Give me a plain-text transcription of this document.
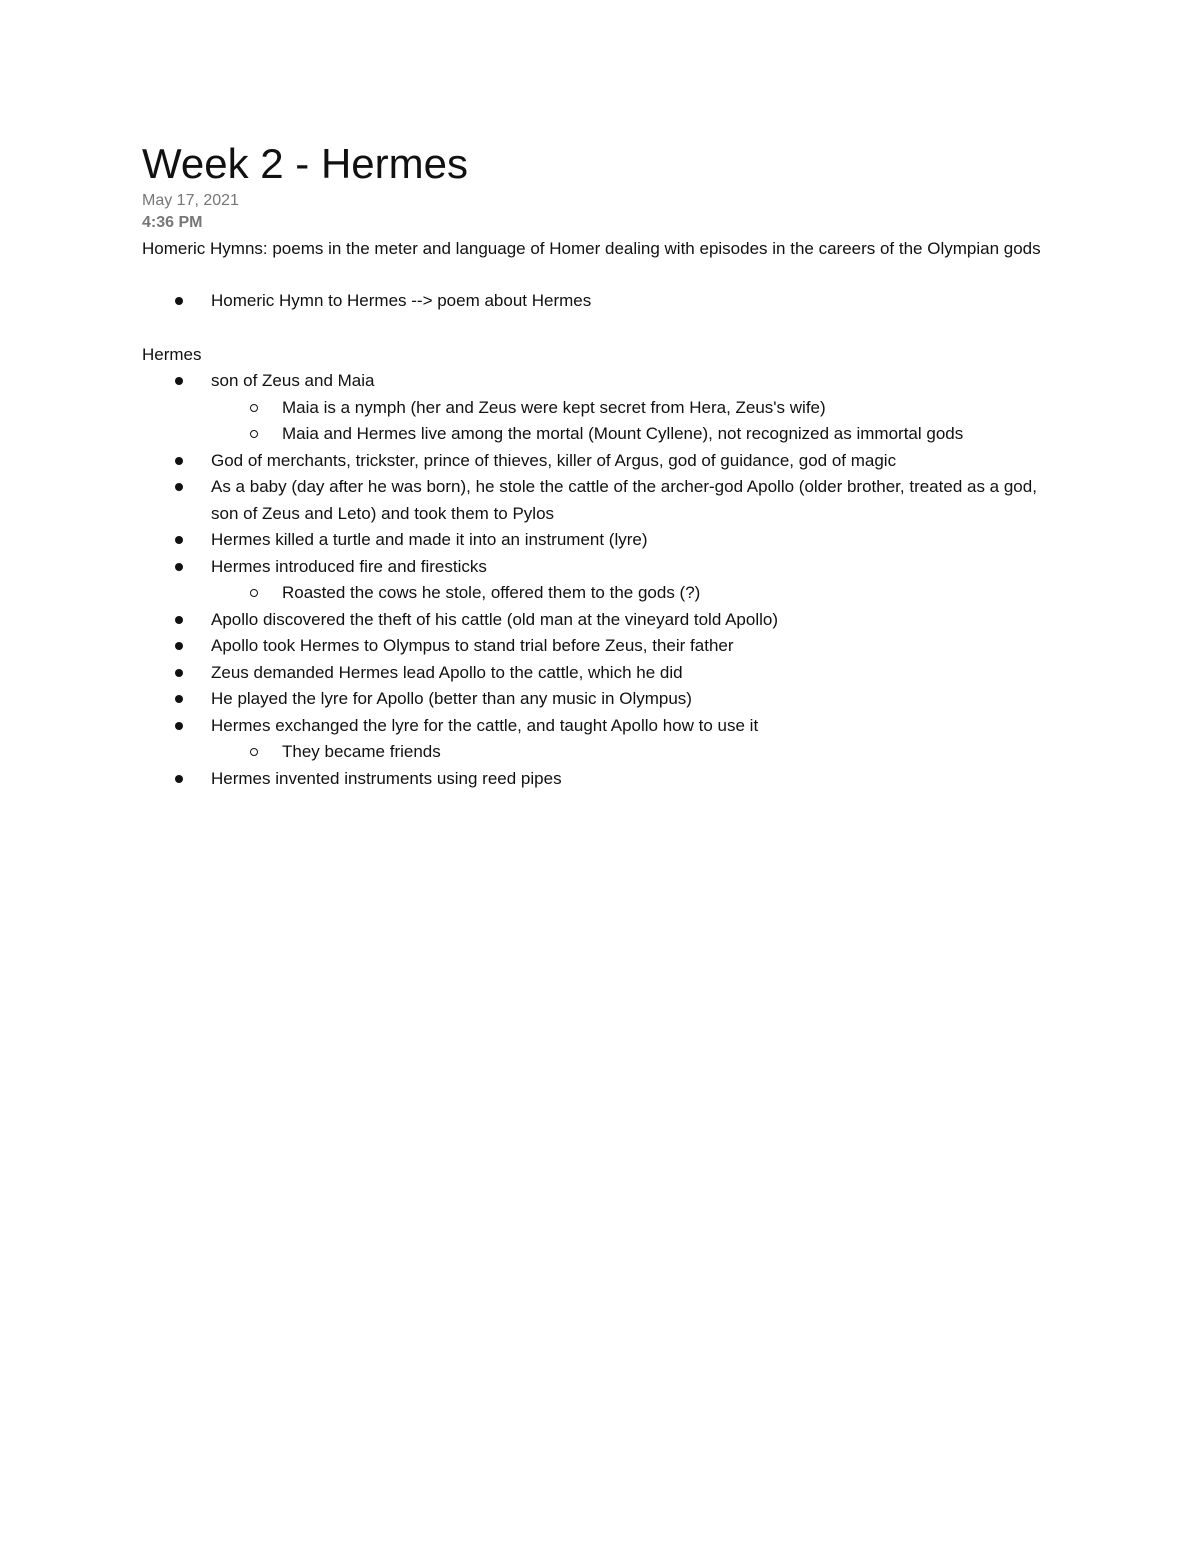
Week 2 - Hermes
May 17, 2021
4:36 PM
Homeric Hymns: poems in the meter and language of Homer dealing with episodes in the careers of the Olympian gods
Homeric Hymn to Hermes --> poem about Hermes
Hermes
son of Zeus and Maia
Maia is a nymph (her and Zeus were kept secret from Hera, Zeus's wife)
Maia and Hermes live among the mortal (Mount Cyllene), not recognized as immortal gods
God of merchants, trickster, prince of thieves, killer of Argus, god of guidance, god of magic
As a baby (day after he was born), he stole the cattle of the archer-god Apollo (older brother, treated as a god, son of Zeus and Leto) and took them to Pylos
Hermes killed a turtle and made it into an instrument (lyre)
Hermes introduced fire and firesticks
Roasted the cows he stole, offered them to the gods (?)
Apollo discovered the theft of his cattle (old man at the vineyard told Apollo)
Apollo took Hermes to Olympus to stand trial before Zeus, their father
Zeus demanded Hermes lead Apollo to the cattle, which he did
He played the lyre for Apollo (better than any music in Olympus)
Hermes exchanged the lyre for the cattle, and taught Apollo how to use it
They became friends
Hermes invented instruments using reed pipes
